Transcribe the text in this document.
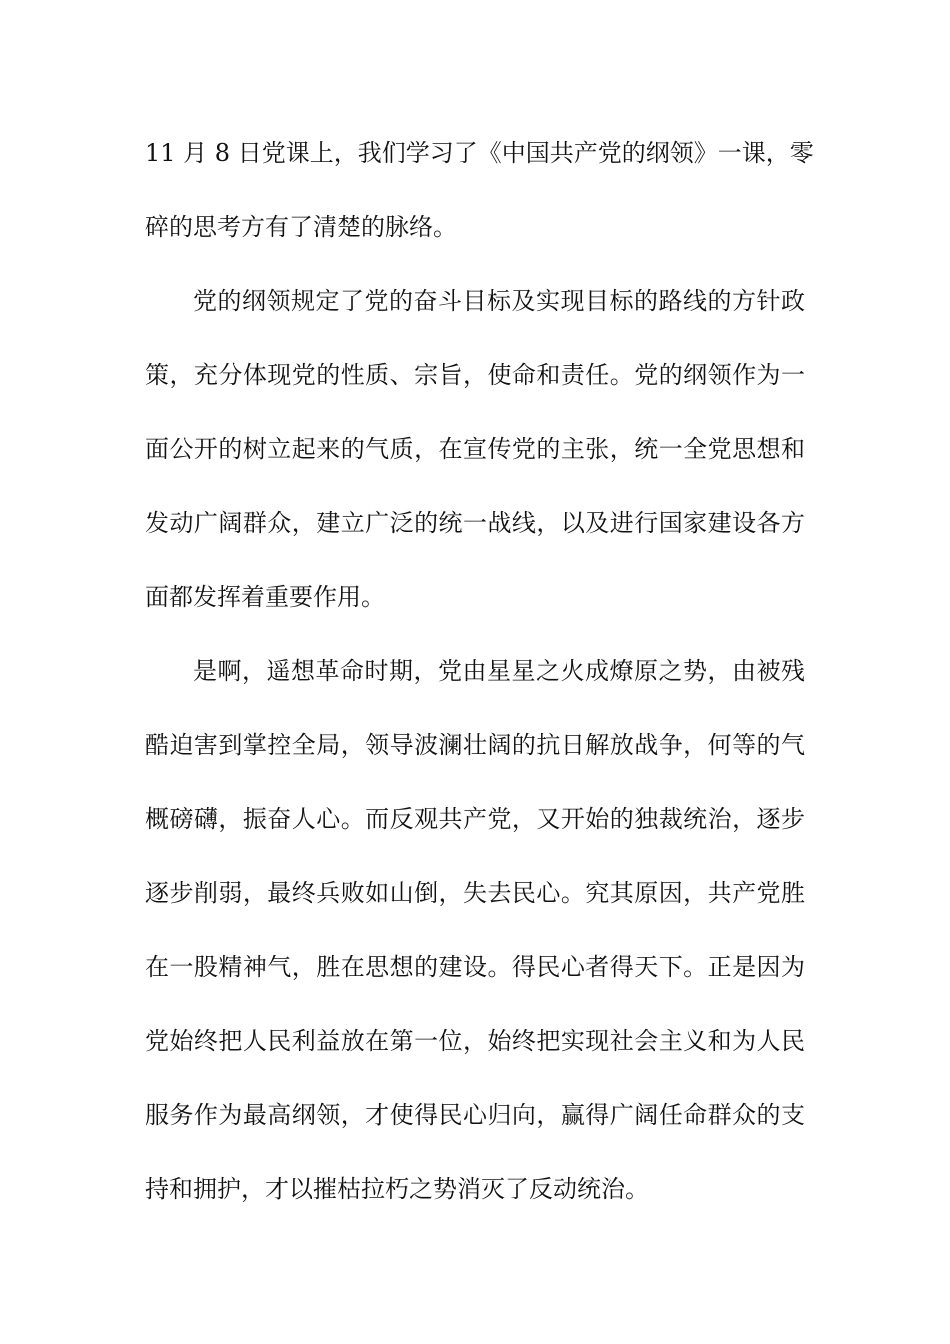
11 月 8 日党课上，我们学习了《中国共产党的纲领》一课，零
碎的思考方有了清楚的脉络。
党的纲领规定了党的奋斗目标及实现目标的路线的方针政
策，充分体现党的性质、宗旨，使命和责任。党的纲领作为一
面公开的树立起来的气质，在宣传党的主张，统一全党思想和
发动广阔群众，建立广泛的统一战线，以及进行国家建设各方
面都发挥着重要作用。
是啊，遥想革命时期，党由星星之火成燎原之势，由被残
酷迫害到掌控全局，领导波澜壮阔的抗日解放战争，何等的气
概磅礴，振奋人心。而反观共产党，又开始的独裁统治，逐步
逐步削弱，最终兵败如山倒，失去民心。究其原因，共产党胜
在一股精神气，胜在思想的建设。得民心者得天下。正是因为
党始终把人民利益放在第一位，始终把实现社会主义和为人民
服务作为最高纲领，才使得民心归向，赢得广阔任命群众的支
持和拥护，才以摧枯拉朽之势消灭了反动统治。
